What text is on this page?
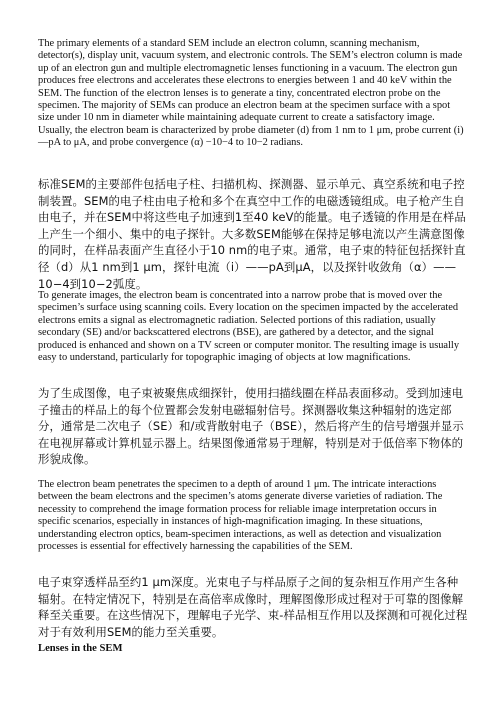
The primary elements of a standard SEM include an electron column, scanning mechanism, detector(s), display unit, vacuum system, and electronic controls. The SEM’s electron column is made up of an electron gun and multiple electromagnetic lenses functioning in a vacuum. The electron gun produces free electrons and accelerates these electrons to energies between 1 and 40 keV within the SEM. The function of the electron lenses is to generate a tiny, concentrated electron probe on the specimen. The majority of SEMs can produce an electron beam at the specimen surface with a spot size under 10 nm in diameter while maintaining adequate current to create a satisfactory image. Usually, the electron beam is characterized by probe diameter (d) from 1 nm to 1 μm, probe current (i)—pA to μA, and probe convergence (α) −10−4 to 10−2 radians.

标准SEM的主要部件包括电子柱、扫描机构、探测器、显示单元、真空系统和电子控制装置。SEM的电子柱由电子枪和多个在真空中工作的电磁透镜组成。电子枪产生自由电子，并在SEM中将这些电子加速到1至40 keV的能量。电子透镜的作用是在样品上产生一个细小、集中的电子探针。大多数SEM能够在保持足够电流以产生满意图像的同时，在样品表面产生直径小于10 nm的电子束。通常，电子束的特征包括探针直径（d）从1 nm到1 μm，探针电流（i）——pA到μA，以及探针收敛角（α）——10−4到10−2弧度。

To generate images, the electron beam is concentrated into a narrow probe that is moved over the specimen’s surface using scanning coils. Every location on the specimen impacted by the accelerated electrons emits a signal as electromagnetic radiation. Selected portions of this radiation, usually secondary (SE) and/or backscattered electrons (BSE), are gathered by a detector, and the signal produced is enhanced and shown on a TV screen or computer monitor. The resulting image is usually easy to understand, particularly for topographic imaging of objects at low magnifications.

为了生成图像，电子束被聚焦成细探针，使用扫描线圈在样品表面移动。受到加速电子撞击的样品上的每个位置都会发射电磁辐射信号。探测器收集这种辐射的选定部分，通常是二次电子（SE）和/或背散射电子（BSE），然后将产生的信号增强并显示在电视屏幕或计算机显示器上。结果图像通常易于理解，特别是对于低倍率下物体的形貌成像。

The electron beam penetrates the specimen to a depth of around 1 μm. The intricate interactions between the beam electrons and the specimen’s atoms generate diverse varieties of radiation. The necessity to comprehend the image formation process for reliable image interpretation occurs in specific scenarios, especially in instances of high-magnification imaging. In these situations, understanding electron optics, beam-specimen interactions, as well as detection and visualization processes is essential for effectively harnessing the capabilities of the SEM.

电子束穿透样品至约1 μm深度。光束电子与样品原子之间的复杂相互作用产生各种辐射。在特定情况下，特别是在高倍率成像时，理解图像形成过程对于可靠的图像解释至关重要。在这些情况下，理解电子光学、束-样品相互作用以及探测和可视化过程对于有效利用SEM的能力至关重要。

Lenses in the SEM
